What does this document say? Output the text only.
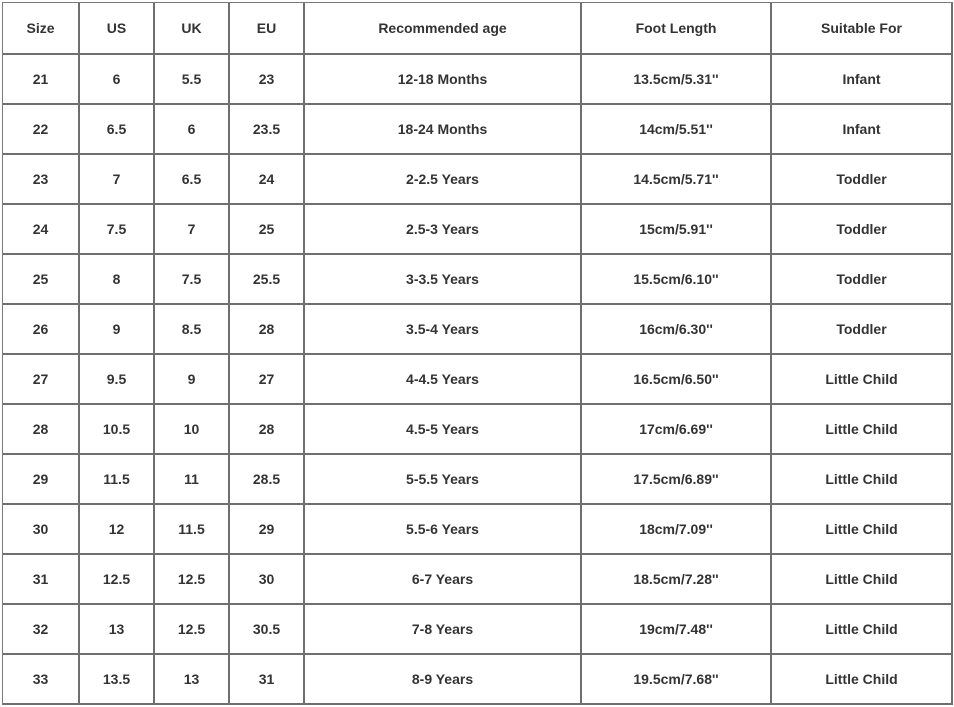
Size	US	UK	EU	Recommended age	Foot Length	Suitable For
21	6	5.5	23	12-18 Months	13.5cm/5.31''	Infant
22	6.5	6	23.5	18-24 Months	14cm/5.51''	Infant
23	7	6.5	24	2-2.5 Years	14.5cm/5.71''	Toddler
24	7.5	7	25	2.5-3 Years	15cm/5.91''	Toddler
25	8	7.5	25.5	3-3.5 Years	15.5cm/6.10''	Toddler
26	9	8.5	28	3.5-4 Years	16cm/6.30''	Toddler
27	9.5	9	27	4-4.5 Years	16.5cm/6.50''	Little Child
28	10.5	10	28	4.5-5 Years	17cm/6.69''	Little Child
29	11.5	11	28.5	5-5.5 Years	17.5cm/6.89''	Little Child
30	12	11.5	29	5.5-6 Years	18cm/7.09''	Little Child
31	12.5	12.5	30	6-7 Years	18.5cm/7.28''	Little Child
32	13	12.5	30.5	7-8 Years	19cm/7.48''	Little Child
33	13.5	13	31	8-9 Years	19.5cm/7.68''	Little Child
